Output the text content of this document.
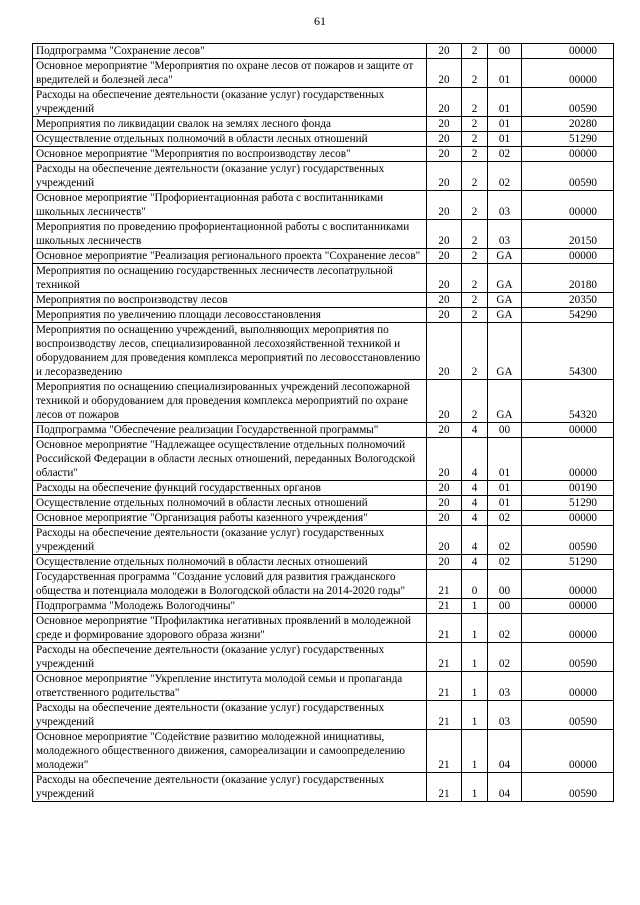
61
Подпрограмма "Сохранение лесов"	20	2	00	00000
Основное мероприятие "Мероприятия по охране лесов от пожаров и защите от вредителей и болезней леса"	20	2	01	00000
Расходы на обеспечение деятельности (оказание услуг) государственных учреждений	20	2	01	00590
Мероприятия по ликвидации свалок на землях лесного фонда	20	2	01	20280
Осуществление отдельных полномочий в области лесных отношений	20	2	01	51290
Основное мероприятие "Мероприятия по воспроизводству лесов"	20	2	02	00000
Расходы на обеспечение деятельности (оказание услуг) государственных учреждений	20	2	02	00590
Основное мероприятие "Профориентационная работа с воспитанниками школьных лесничеств"	20	2	03	00000
Мероприятия по проведению профориентационной работы с воспитанниками школьных лесничеств	20	2	03	20150
Основное мероприятие "Реализация регионального проекта "Сохранение лесов"	20	2	GA	00000
Мероприятия по оснащению государственных лесничеств лесопатрульной техникой	20	2	GA	20180
Мероприятия по воспроизводству лесов	20	2	GA	20350
Мероприятия по увеличению площади лесовосстановления	20	2	GA	54290
Мероприятия по оснащению учреждений, выполняющих мероприятия по воспроизводству лесов, специализированной лесохозяйственной техникой и оборудованием для проведения комплекса мероприятий по лесовосстановлению и лесоразведению	20	2	GA	54300
Мероприятия по оснащению специализированных учреждений лесопожарной техникой и оборудованием для проведения комплекса мероприятий по охране лесов от пожаров	20	2	GA	54320
Подпрограмма "Обеспечение реализации Государственной программы"	20	4	00	00000
Основное мероприятие "Надлежащее осуществление отдельных полномочий Российской Федерации в области лесных отношений, переданных Вологодской области"	20	4	01	00000
Расходы на обеспечение функций государственных органов	20	4	01	00190
Осуществление отдельных полномочий в области лесных отношений	20	4	01	51290
Основное мероприятие "Организация работы казенного учреждения"	20	4	02	00000
Расходы на обеспечение деятельности (оказание услуг) государственных учреждений	20	4	02	00590
Осуществление отдельных полномочий в области лесных отношений	20	4	02	51290
Государственная программа "Создание условий для развития гражданского общества и потенциала молодежи в Вологодской области на 2014-2020 годы"	21	0	00	00000
Подпрограмма "Молодежь Вологодчины"	21	1	00	00000
Основное мероприятие "Профилактика негативных проявлений в молодежной среде и формирование здорового образа жизни"	21	1	02	00000
Расходы на обеспечение деятельности (оказание услуг) государственных учреждений	21	1	02	00590
Основное мероприятие "Укрепление института молодой семьи и пропаганда ответственного родительства"	21	1	03	00000
Расходы на обеспечение деятельности (оказание услуг) государственных учреждений	21	1	03	00590
Основное мероприятие "Содействие развитию молодежной инициативы, молодежного общественного движения, самореализации и самоопределению молодежи"	21	1	04	00000
Расходы на обеспечение деятельности (оказание услуг) государственных учреждений	21	1	04	00590
